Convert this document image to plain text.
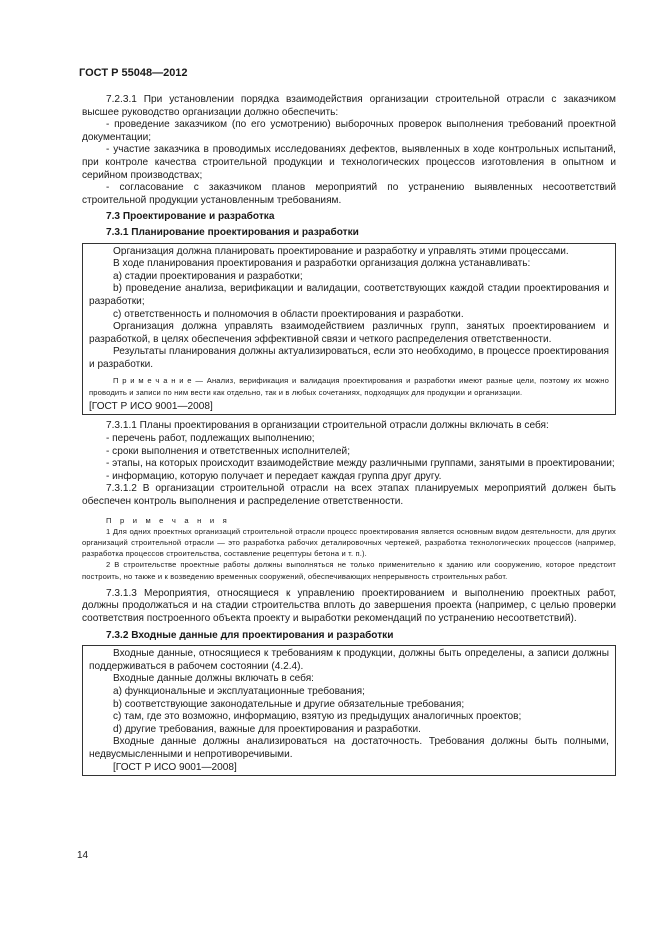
ГОСТ Р 55048—2012

7.2.3.1 При установлении порядка взаимодействия организации строительной отрасли с заказчиком высшее руководство организации должно обеспечить:

- проведение заказчиком (по его усмотрению) выборочных проверок выполнения требований проектной документации;

- участие заказчика в проводимых исследованиях дефектов, выявленных в ходе контрольных испытаний, при контроле качества строительной продукции и технологических процессов изготовления в опытном и серийном производствах;

- согласование с заказчиком планов мероприятий по устранению выявленных несоответствий строительной продукции установленным требованиям.

7.3 Проектирование и разработка

7.3.1 Планирование проектирования и разработки

Организация должна планировать проектирование и разработку и управлять этими процессами.

В ходе планирования проектирования и разработки организация должна устанавливать:

a) стадии проектирования и разработки;

b) проведение анализа, верификации и валидации, соответствующих каждой стадии проектирования и разработки;

c) ответственность и полномочия в области проектирования и разработки.

Организация должна управлять взаимодействием различных групп, занятых проектированием и разработкой, в целях обеспечения эффективной связи и четкого распределения ответственности.

Результаты планирования должны актуализироваться, если это необходимо, в процессе проектирования и разработки.

П р и м е ч а н и е — Анализ, верификация и валидация проектирования и разработки имеют разные цели, поэтому их можно проводить и записи по ним вести как отдельно, так и в любых сочетаниях, подходящих для продукции и организации.

[ГОСТ Р ИСО 9001—2008]

7.3.1.1 Планы проектирования в организации строительной отрасли должны включать в себя:

- перечень работ, подлежащих выполнению;

- сроки выполнения и ответственных исполнителей;

- этапы, на которых происходит взаимодействие между различными группами, занятыми в проектировании;

- информацию, которую получает и передает каждая группа друг другу.

7.3.1.2 В организации строительной отрасли на всех этапах планируемых мероприятий должен быть обеспечен контроль выполнения и распределение ответственности.

П р и м е ч а н и я

1 Для одних проектных организаций строительной отрасли процесс проектирования является основным видом деятельности, для других организаций строительной отрасли — это разработка рабочих деталировочных чертежей, разработка технологических процессов (например, разработка процессов строительства, составление рецептуры бетона и т. п.).

2 В строительстве проектные работы должны выполняться не только применительно к зданию или сооружению, которое предстоит построить, но также и к возведению временных сооружений, обеспечивающих непрерывность строительных работ.

7.3.1.3 Мероприятия, относящиеся к управлению проектированием и выполнению проектных работ, должны продолжаться и на стадии строительства вплоть до завершения проекта (например, с целью проверки соответствия построенного объекта проекту и выработки рекомендаций по устранению несоответствий).

7.3.2 Входные данные для проектирования и разработки

Входные данные, относящиеся к требованиям к продукции, должны быть определены, а записи должны поддерживаться в рабочем состоянии (4.2.4).

Входные данные должны включать в себя:

a) функциональные и эксплуатационные требования;

b) соответствующие законодательные и другие обязательные требования;

c) там, где это возможно, информацию, взятую из предыдущих аналогичных проектов;

d) другие требования, важные для проектирования и разработки.

Входные данные должны анализироваться на достаточность. Требования должны быть полными, недвусмысленными и непротиворечивыми.

[ГОСТ Р ИСО 9001—2008]

14
